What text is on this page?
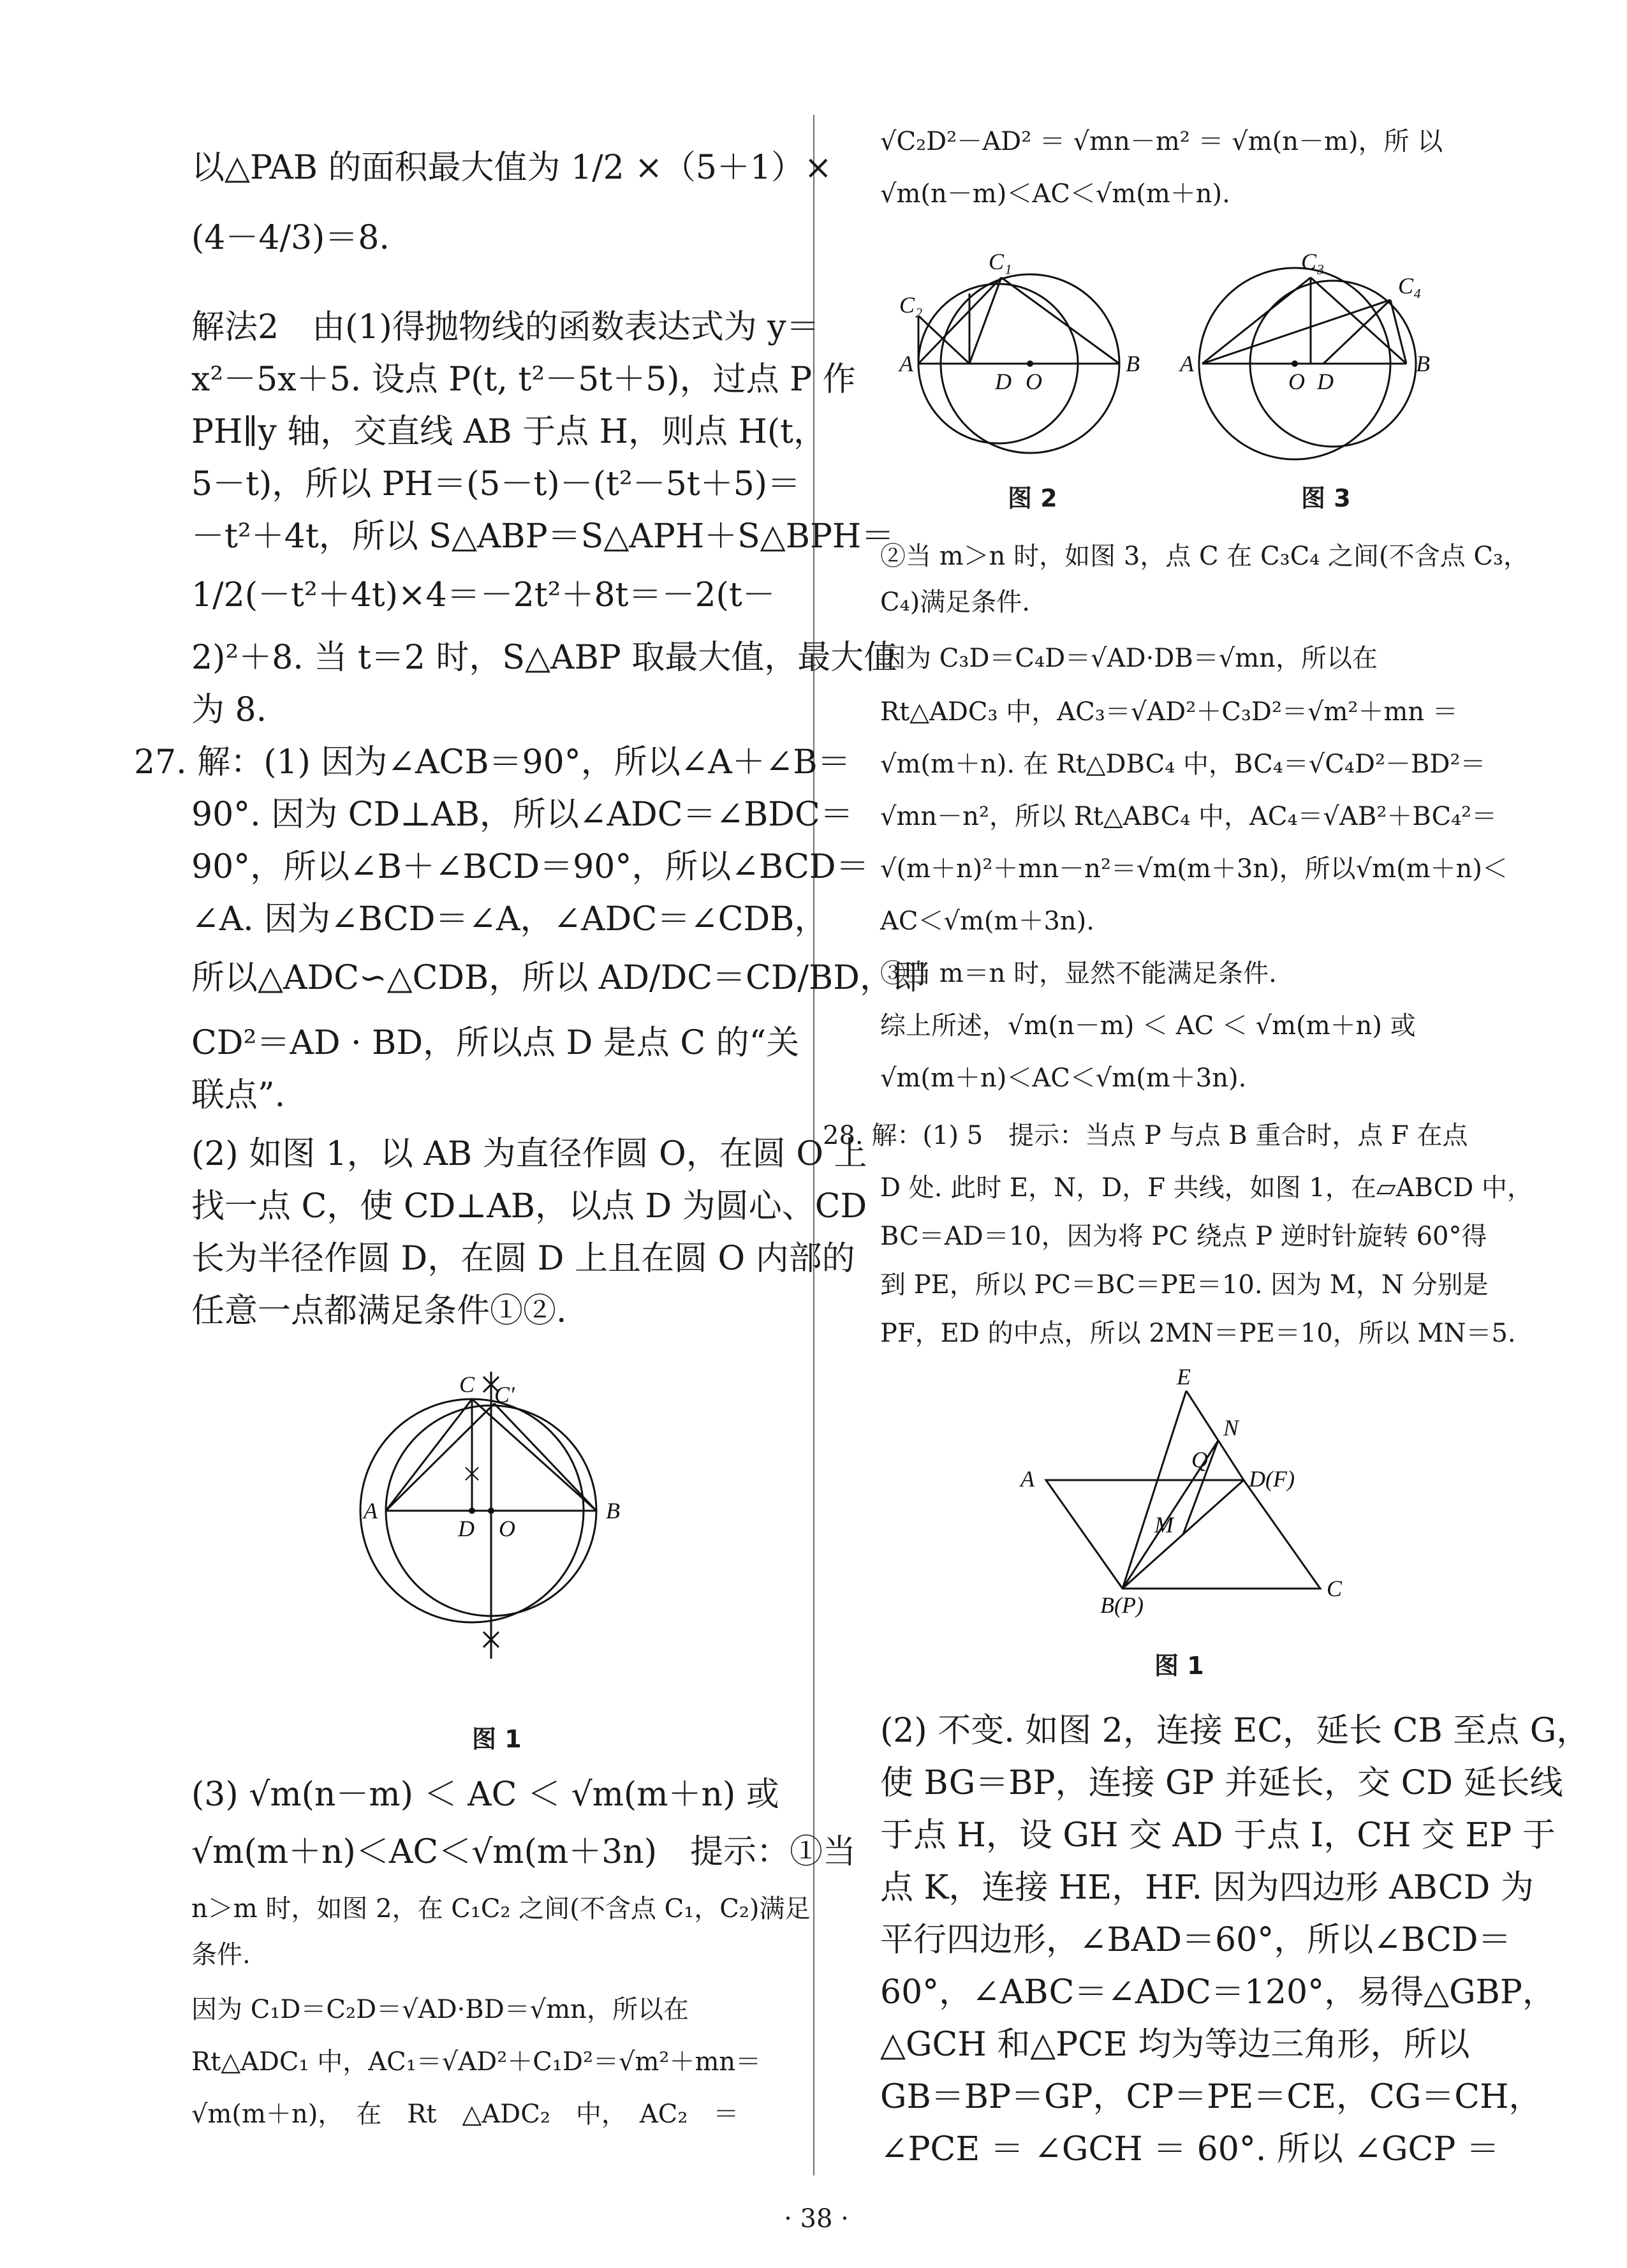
以△PAB 的面积最大值为 1/2 ×（5＋1）×
(4－4/3)＝8.
解法2　由(1)得抛物线的函数表达式为 y＝
x²－5x＋5. 设点 P(t, t²－5t＋5)，过点 P 作
PH∥y 轴，交直线 AB 于点 H，则点 H(t，
5－t)，所以 PH＝(5－t)－(t²－5t＋5)＝
－t²＋4t，所以 S△ABP＝S△APH＋S△BPH＝
1/2(－t²＋4t)×4＝－2t²＋8t＝－2(t－
2)²＋8. 当 t＝2 时，S△ABP 取最大值，最大值
为 8.
27. 解：(1) 因为∠ACB＝90°，所以∠A＋∠B＝
90°. 因为 CD⊥AB，所以∠ADC＝∠BDC＝
90°，所以∠B＋∠BCD＝90°，所以∠BCD＝
∠A. 因为∠BCD＝∠A，∠ADC＝∠CDB，
所以△ADC∽△CDB，所以 AD/DC＝CD/BD，即
CD²＝AD · BD，所以点 D 是点 C 的“关
联点”.
(2) 如图 1，以 AB 为直径作圆 O，在圆 O 上
找一点 C，使 CD⊥AB，以点 D 为圆心、CD
长为半径作圆 D，在圆 D 上且在圆 O 内部的
任意一点都满足条件①②.
C C′
A	B
D O
图 1
(3) √m(n－m) ＜ AC ＜ √m(m＋n) 或
√m(m＋n)＜AC＜√m(m＋3n)　提示：①当
n＞m 时，如图 2，在 C₁C₂ 之间(不含点 C₁，C₂)满足
条件.
因为 C₁D＝C₂D＝√AD·BD＝√mn，所以在
Rt△ADC₁ 中，AC₁＝√AD²＋C₁D²＝√m²＋mn＝
√m(m＋n)，　在　Rt　△ADC₂　中，　AC₂　＝
√C₂D²－AD² ＝ √mn－m² ＝ √m(n－m)，所 以
√m(n－m)＜AC＜√m(m＋n).
C₁
C₂
A	B
D O
图 2
C₃
C₄
A	B
O D
图 3
②当 m＞n 时，如图 3，点 C 在 C₃C₄ 之间(不含点 C₃，
C₄)满足条件.
因为 C₃D＝C₄D＝√AD·DB＝√mn，所以在
Rt△ADC₃ 中，AC₃＝√AD²＋C₃D²＝√m²＋mn ＝
√m(m＋n). 在 Rt△DBC₄ 中，BC₄＝√C₄D²－BD²＝
√mn－n²，所以 Rt△ABC₄ 中，AC₄＝√AB²＋BC₄²＝
√(m＋n)²＋mn－n²＝√m(m＋3n)，所以√m(m＋n)＜
AC＜√m(m＋3n).
③当 m＝n 时，显然不能满足条件.
综上所述，√m(n－m) ＜ AC ＜ √m(m＋n) 或
√m(m＋n)＜AC＜√m(m＋3n).
28. 解：(1) 5　提示：当点 P 与点 B 重合时，点 F 在点
D 处. 此时 E，N，D，F 共线，如图 1，在▱ABCD 中，
BC＝AD＝10，因为将 PC 绕点 P 逆时针旋转 60°得
到 PE，所以 PC＝BC＝PE＝10. 因为 M，N 分别是
PF，ED 的中点，所以 2MN＝PE＝10，所以 MN＝5.
E
N
Q
A	D(F)
M
B(P)
C
图 1
(2) 不变. 如图 2，连接 EC，延长 CB 至点 G，
使 BG＝BP，连接 GP 并延长，交 CD 延长线
于点 H，设 GH 交 AD 于点 I，CH 交 EP 于
点 K，连接 HE，HF. 因为四边形 ABCD 为
平行四边形，∠BAD＝60°，所以∠BCD＝
60°，∠ABC＝∠ADC＝120°，易得△GBP，
△GCH 和△PCE 均为等边三角形，所以
GB＝BP＝GP，CP＝PE＝CE，CG＝CH，
∠PCE ＝ ∠GCH ＝ 60°. 所以 ∠GCP ＝
· 38 ·
